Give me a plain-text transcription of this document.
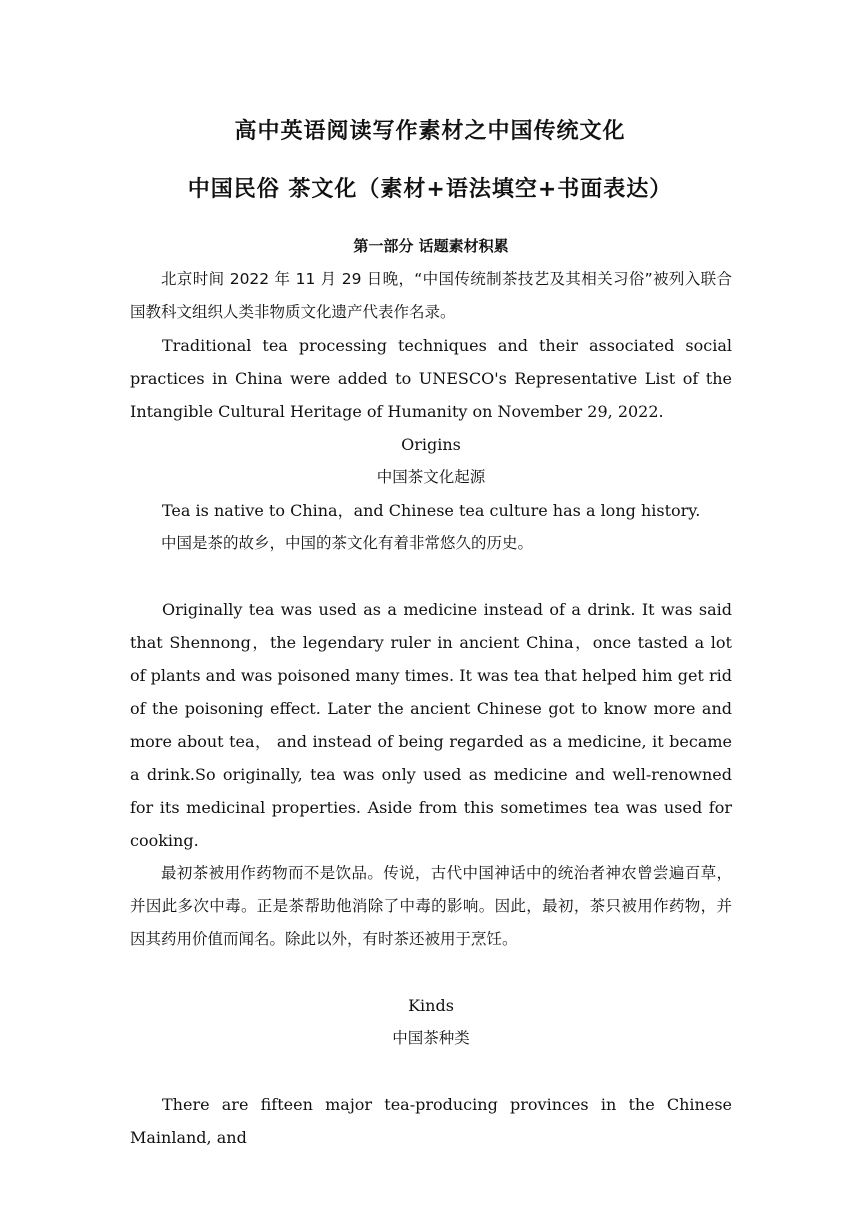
高中英语阅读写作素材之中国传统文化
中国民俗 茶文化（素材+语法填空+书面表达）
第一部分 话题素材积累

北京时间 2022 年 11 月 29 日晚，“中国传统制茶技艺及其相关习俗”被列入联合国教科文组织人类非物质文化遗产代表作名录。

Traditional tea processing techniques and their associated social practices in China were added to UNESCO's Representative List of the Intangible Cultural Heritage of Humanity on November 29, 2022.

Origins

中国茶文化起源

Tea is native to China，and Chinese tea culture has a long history.

中国是茶的故乡，中国的茶文化有着非常悠久的历史。

Originally tea was used as a medicine instead of a drink. It was said that Shennong，the legendary ruler in ancient China，once tasted a lot of plants and was poisoned many times. It was tea that helped him get rid of the poisoning effect. Later the ancient Chinese got to know more and more about tea， and instead of being regarded as a medicine, it became a drink.So originally, tea was only used as medicine and well-renowned for its medicinal properties. Aside from this sometimes tea was used for cooking.

最初茶被用作药物而不是饮品。传说，古代中国神话中的统治者神农曾尝遍百草，并因此多次中毒。正是茶帮助他消除了中毒的影响。因此，最初，茶只被用作药物，并因其药用价值而闻名。除此以外，有时茶还被用于烹饪。

Kinds

中国茶种类

There are fifteen major tea-producing provinces in the Chinese Mainland, and
